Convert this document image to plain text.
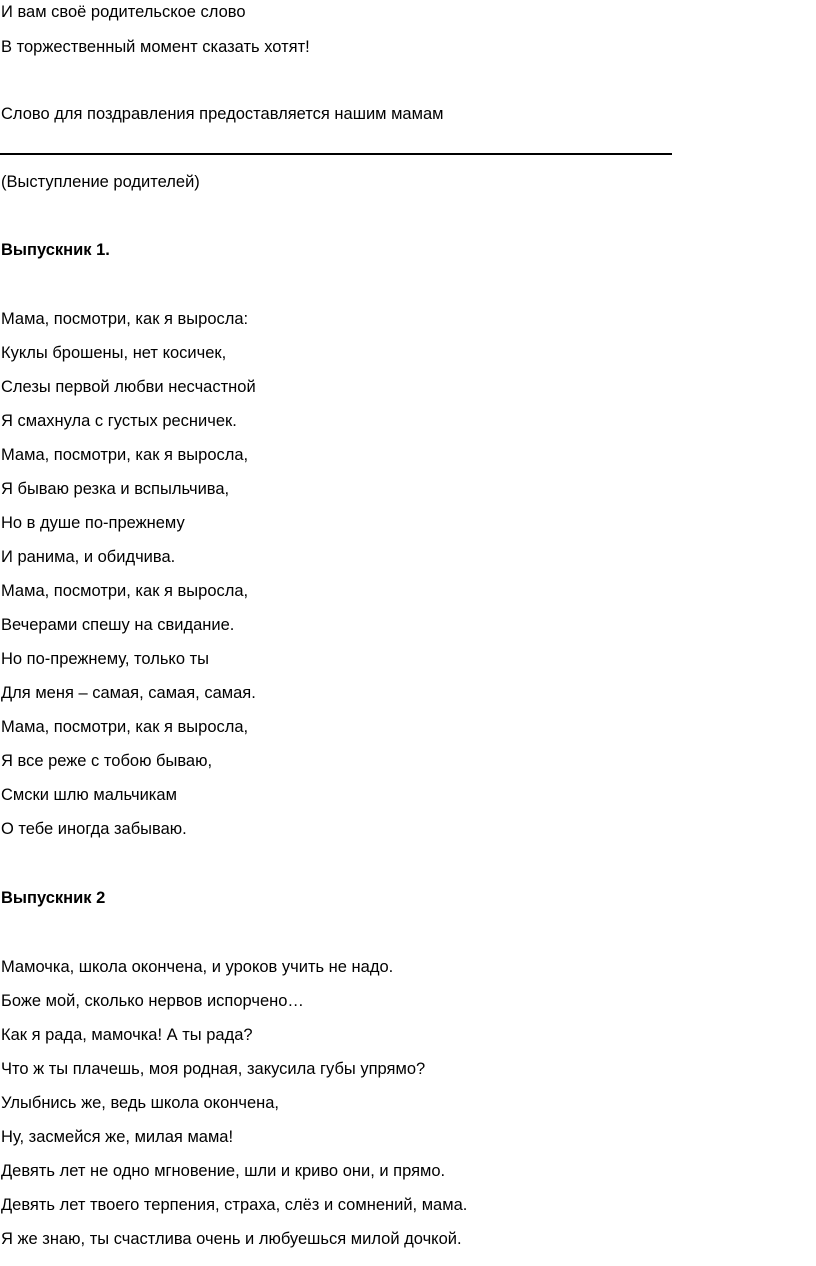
И вам своё родительское слово

В торжественный момент сказать хотят!

Слово для поздравления предоставляется нашим мамам

(Выступление родителей)

Выпускник 1.

Мама, посмотри, как я выросла:

Куклы брошены, нет косичек,

Слезы первой любви несчастной

Я смахнула с густых ресничек.

Мама, посмотри, как я выросла,

Я бываю резка и вспыльчива,

Но в душе по-прежнему

И ранима, и обидчива.

Мама, посмотри, как я выросла,

Вечерами спешу на свидание.

Но по-прежнему, только ты

Для меня – самая, самая, самая.

Мама, посмотри, как я выросла,

Я все реже с тобою бываю,

Смски шлю мальчикам

О тебе иногда забываю.

Выпускник 2

Мамочка, школа окончена, и уроков учить не надо.

Боже мой, сколько нервов испорчено…

Как я рада, мамочка! А ты рада?

Что ж ты плачешь, моя родная, закусила губы упрямо?

Улыбнись же, ведь школа окончена,

Ну, засмейся же, милая мама!

Девять лет не одно мгновение, шли и криво они, и прямо.

Девять лет твоего терпения, страха, слёз и сомнений, мама.

Я же знаю, ты счастлива очень и любуешься милой дочкой.
